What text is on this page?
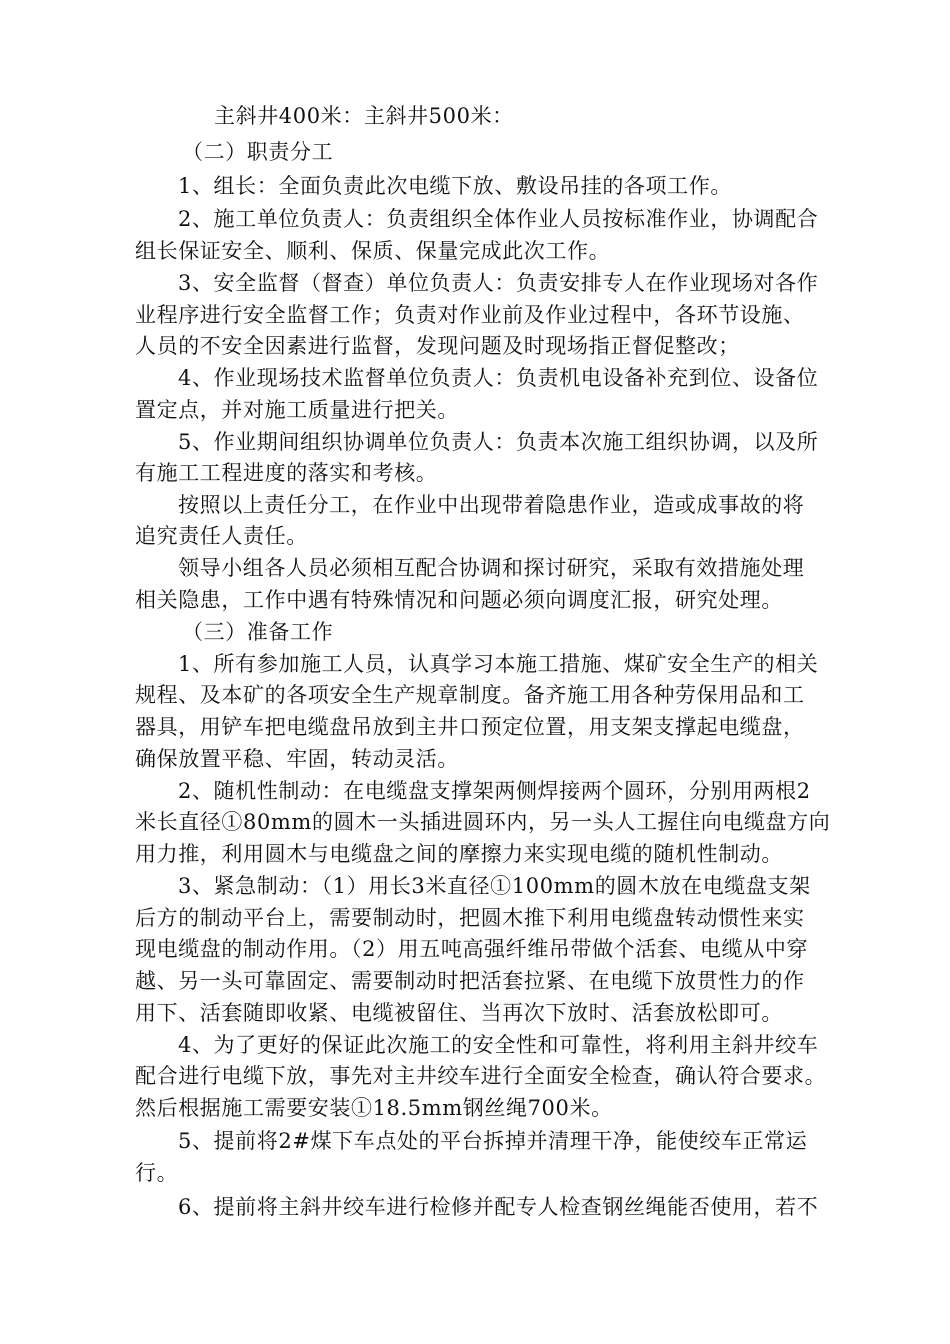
主斜井400米：主斜井500米：
（二）职责分工
1、组长：全面负责此次电缆下放、敷设吊挂的各项工作。
2、施工单位负责人：负责组织全体作业人员按标准作业，协调配合
组长保证安全、顺利、保质、保量完成此次工作。
3、安全监督（督查）单位负责人：负责安排专人在作业现场对各作
业程序进行安全监督工作；负责对作业前及作业过程中，各环节设施、
人员的不安全因素进行监督，发现问题及时现场指正督促整改；
4、作业现场技术监督单位负责人：负责机电设备补充到位、设备位
置定点，并对施工质量进行把关。
5、作业期间组织协调单位负责人：负责本次施工组织协调，以及所
有施工工程进度的落实和考核。
按照以上责任分工，在作业中出现带着隐患作业，造或成事故的将
追究责任人责任。
领导小组各人员必须相互配合协调和探讨研究，采取有效措施处理
相关隐患，工作中遇有特殊情况和问题必须向调度汇报，研究处理。
（三）准备工作
1、所有参加施工人员，认真学习本施工措施、煤矿安全生产的相关
规程、及本矿的各项安全生产规章制度。备齐施工用各种劳保用品和工
器具，用铲车把电缆盘吊放到主井口预定位置，用支架支撑起电缆盘，
确保放置平稳、牢固，转动灵活。
2、随机性制动：在电缆盘支撑架两侧焊接两个圆环，分别用两根2
米长直径①80mm的圆木一头插进圆环内，另一头人工握住向电缆盘方向
用力推，利用圆木与电缆盘之间的摩擦力来实现电缆的随机性制动。
3、紧急制动：（1）用长3米直径①100mm的圆木放在电缆盘支架
后方的制动平台上，需要制动时，把圆木推下利用电缆盘转动惯性来实
现电缆盘的制动作用。（2）用五吨高强纤维吊带做个活套、电缆从中穿
越、另一头可靠固定、需要制动时把活套拉紧、在电缆下放贯性力的作
用下、活套随即收紧、电缆被留住、当再次下放时、活套放松即可。
4、为了更好的保证此次施工的安全性和可靠性，将利用主斜井绞车
配合进行电缆下放，事先对主井绞车进行全面安全检查，确认符合要求。
然后根据施工需要安装①18.5mm钢丝绳700米。
5、提前将2#煤下车点处的平台拆掉并清理干净，能使绞车正常运
行。
6、提前将主斜井绞车进行检修并配专人检查钢丝绳能否使用，若不
